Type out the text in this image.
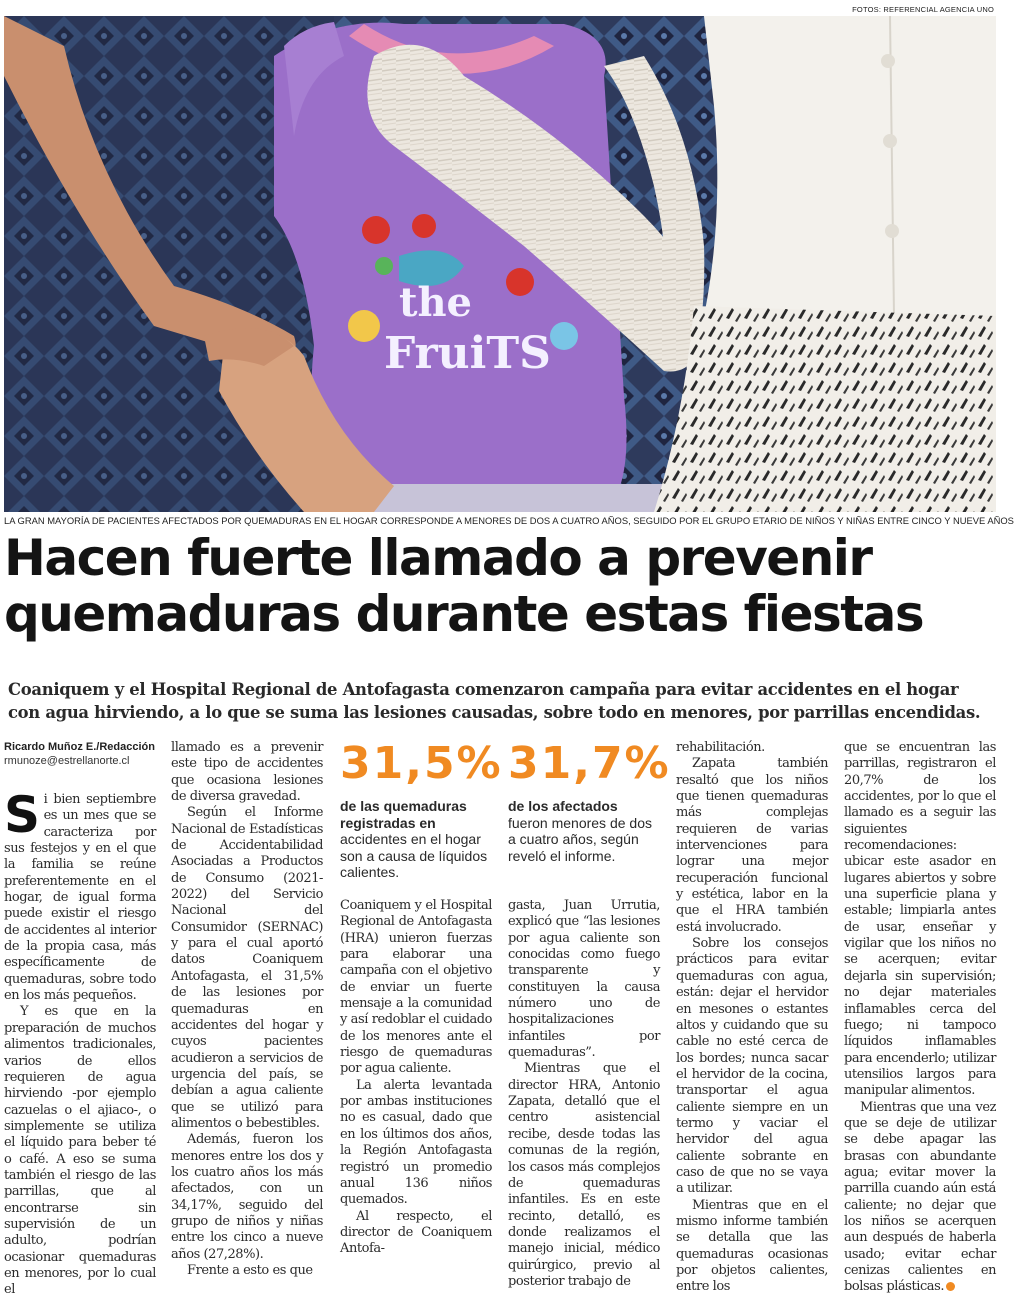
FOTOS: REFERENCIAL AGENCIA UNO
the
FruiTS
LA GRAN MAYORÍA DE PACIENTES AFECTADOS POR QUEMADURAS EN EL HOGAR CORRESPONDE A MENORES DE DOS A CUATRO AÑOS, SEGUIDO POR EL GRUPO ETARIO DE NIÑOS Y NIÑAS ENTRE CINCO Y NUEVE AÑOS
Hacen fuerte llamado a prevenir
quemaduras durante estas fiestas

Coaniquem y el Hospital Regional de Antofagasta comenzaron campaña para evitar accidentes en el hogar con agua hirviendo, a lo que se suma las lesiones causadas, sobre todo en menores, por parrillas encendidas.

Ricardo Muñoz E./Redacción
rmunoze@estrellanorte.cl

Si bien septiembre es un mes que se caracteriza por sus festejos y en el que la familia se reúne preferentemente en el hogar, de igual forma puede existir el riesgo de accidentes al interior de la propia casa, más específicamente de quemaduras, sobre todo en los más pequeños.

Y es que en la preparación de muchos alimentos tradicionales, varios de ellos requieren de agua hirviendo -por ejemplo cazuelas o el ajiaco-, o simplemente se utiliza el líquido para beber té o café. A eso se suma también el riesgo de las parrillas, que al encontrarse sin supervisión de un adulto, podrían ocasionar quemaduras en menores, por lo cual el

llamado es a prevenir este tipo de accidentes que ocasiona lesiones de diversa gravedad.

Según el Informe Nacional de Estadísticas de Accidentabilidad Asociadas a Productos de Consumo (2021-2022) del Servicio Nacional del Consumidor (SERNAC) y para el cual aportó datos Coaniquem Antofagasta, el 31,5% de las lesiones por quemaduras en accidentes del hogar y cuyos pacientes acudieron a servicios de urgencia del país, se debían a agua caliente que se utilizó para alimentos o bebestibles.

Además, fueron los menores entre los dos y los cuatro años los más afectados, con un 34,17%, seguido del grupo de niños y niñas entre los cinco a nueve años (27,28%).

Frente a esto es que

31,5%
de las quemaduras registradas en accidentes en el hogar son a causa de líquidos calientes.
31,7%
de los afectados fueron menores de dos a cuatro años, según reveló el informe.

Coaniquem y el Hospital Regional de Antofagasta (HRA) unieron fuerzas para elaborar una campaña con el objetivo de enviar un fuerte mensaje a la comunidad y así redoblar el cuidado de los menores ante el riesgo de quemaduras por agua caliente.

La alerta levantada por ambas instituciones no es casual, dado que en los últimos dos años, la Región Antofagasta registró un promedio anual 136 niños quemados.

Al respecto, el director de Coaniquem Antofa-

gasta, Juan Urrutia, explicó que “las lesiones por agua caliente son conocidas como fuego transparente y constituyen la causa número uno de hospitalizaciones infantiles por quemaduras”.

Mientras que el director HRA, Antonio Zapata, detalló que el centro asistencial recibe, desde todas las comunas de la región, los casos más complejos de quemaduras infantiles. Es en este recinto, detalló, es donde realizamos el manejo inicial, médico quirúrgico, previo al posterior trabajo de

rehabilitación.

Zapata también resaltó que los niños que tienen quemaduras más complejas requieren de varias intervenciones para lograr una mejor recuperación funcional y estética, labor en la que el HRA también está involucrado.

Sobre los consejos prácticos para evitar quemaduras con agua, están: dejar el hervidor en mesones o estantes altos y cuidando que su cable no esté cerca de los bordes; nunca sacar el hervidor de la cocina, transportar el agua caliente siempre en un termo y vaciar el hervidor del agua caliente sobrante en caso de que no se vaya a utilizar.

Mientras que en el mismo informe también se detalla que las quemaduras ocasionas por objetos calientes, entre los

que se encuentran las parrillas, registraron el 20,7% de los accidentes, por lo que el llamado es a seguir las siguientes recomendaciones: ubicar este asador en lugares abiertos y sobre una superficie plana y estable; limpiarla antes de usar, enseñar y vigilar que los niños no se acerquen; evitar dejarla sin supervisión; no dejar materiales inflamables cerca del fuego; ni tampoco líquidos inflamables para encenderlo; utilizar utensilios largos para manipular alimentos.

Mientras que una vez que se deje de utilizar se debe apagar las brasas con abundante agua; evitar mover la parrilla cuando aún está caliente; no dejar que los niños se acerquen aun después de haberla usado; evitar echar cenizas calientes en bolsas plásticas.
